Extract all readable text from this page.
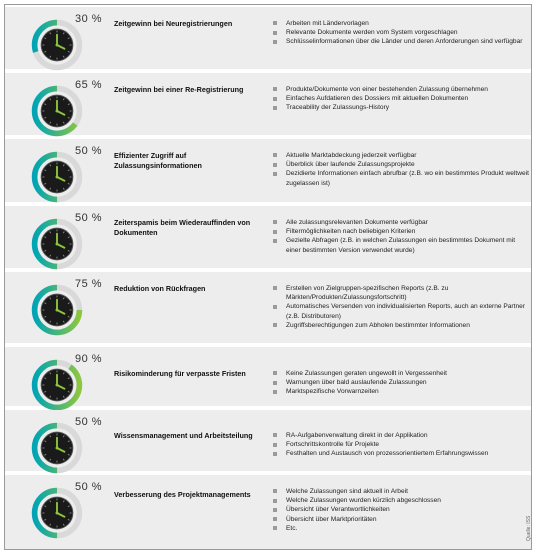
30 % Zeitgewinn bei Neuregistrierungen	Arbeiten mit Ländervorlagen
Relevante Dokumente werden vom System vorgeschlagen
Schlüsselinformationen über die Länder und deren Anforderungen sind verfügbar
65 % Zeitgewinn bei einer Re-Registrierung	Produkte/Dokumente von einer bestehenden Zulassung übernehmen
Einfaches Aufdatieren des Dossiers mit aktuellen Dokumenten
Traceability der Zulassungs-History
50 % Effizienter Zugriff auf Zulassungsinformationen
Aktuelle Marktabdeckung jederzeit verfügbar
Überblick über laufende Zulassungsprojekte
Dezidierte Informationen einfach abrufbar (z.B. wo ein bestimmtes Produkt weltweit zugelassen ist)
50 % Zeiterspamis beim Wiederauffinden von Dokumenten
Alle zulassungsrelevanten Dokumente verfügbar
Filtermöglichkeiten nach beliebigen Kriterien
Gezielte Abfragen (z.B. in welchen Zulassungen ein bestimmtes Dokument mit einer bestimmten Version verwendet wurde)
75 % Reduktion von Rückfragen	Erstellen von Zielgruppen-spezifischen Reports (z.B. zu Märkten/Produkten/Zulassungsfortschritt)
Automatisches Versenden von individualisierten Reports, auch an externe Partner (z.B. Distributoren)
Zugriffsberechtigungen zum Abholen bestimmter Informationen
90 %
Risikominderung für verpasste Fristen	Keine Zulassungen geraten ungewollt in Vergessenheit
Warnungen über bald auslaufende Zulassungen
Marktspezifische Vorwarnzeiten
50 %
Wissensmanagement und Arbeitsteilung	RA-Aufgabenverwaltung direkt in der Applikation
Fortschrittskontrolle für Projekte
Festhalten und Austausch von prozessorientiertem Erfahrungswissen
50 %
Verbesserung des Projektmanagements	Welche Zulassungen sind aktuell in Arbeit
Welche Zulassungen wurden kürzlich abgeschlossen
Übersicht über Verantwortlichkeiten
Übersicht über Marktprioritäten
Etc.	Quelle: ISS
